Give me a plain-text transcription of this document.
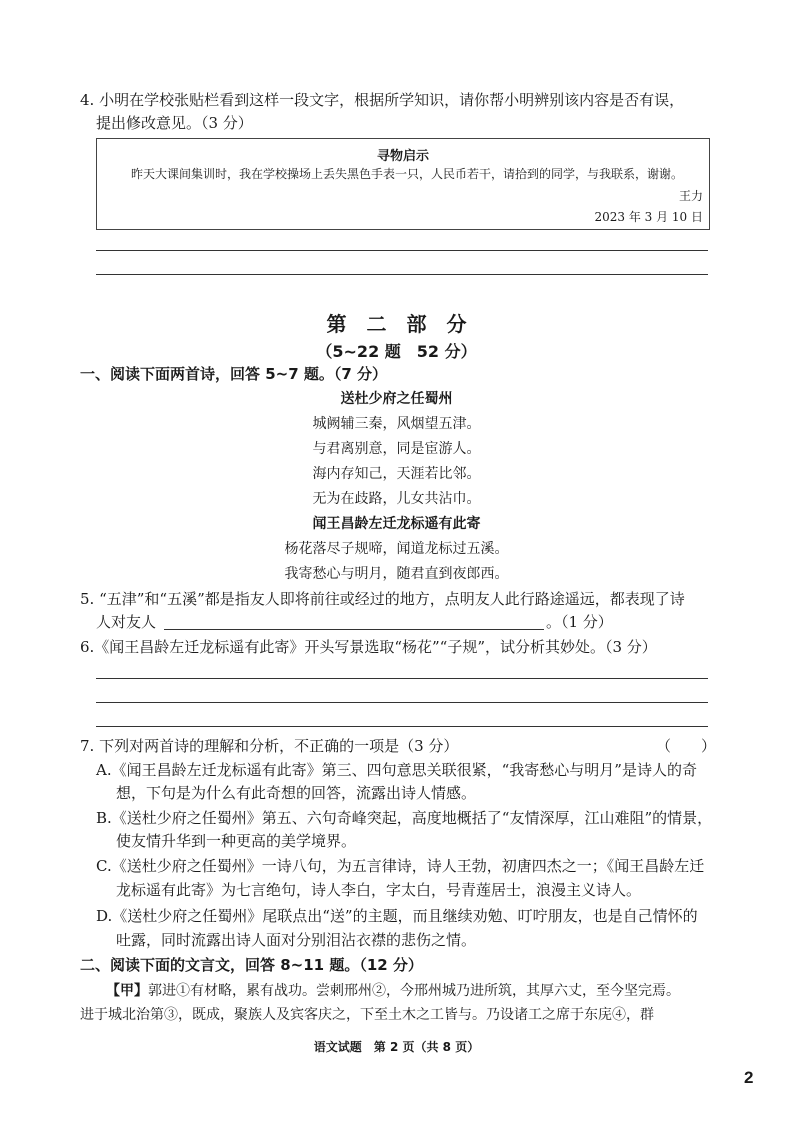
4. 小明在学校张贴栏看到这样一段文字，根据所学知识，请你帮小明辨别该内容是否有误，
提出修改意见。（3 分）
寻物启示
昨天大课间集训时，我在学校操场上丢失黑色手表一只，人民币若干，请拾到的同学，与我联系，谢谢。
王力
2023 年 3 月 10 日
第　二　部　分
（5~22 题　52 分）
一、阅读下面两首诗，回答 5~7 题。（7 分）
送杜少府之任蜀州
城阙辅三秦，风烟望五津。
与君离别意，同是宦游人。
海内存知己，天涯若比邻。
无为在歧路，儿女共沾巾。
闻王昌龄左迁龙标遥有此寄
杨花落尽子规啼，闻道龙标过五溪。
我寄愁心与明月，随君直到夜郎西。
5. “五津”和“五溪”都是指友人即将前往或经过的地方，点明友人此行路途遥远，都表现了诗
人对友人	。（1 分）
6.《闻王昌龄左迁龙标遥有此寄》开头写景选取“杨花”“子规”，试分析其妙处。（3 分）
7. 下列对两首诗的理解和分析，不正确的一项是（3 分）	（　　）
A.《闻王昌龄左迁龙标遥有此寄》第三、四句意思关联很紧，“我寄愁心与明月”是诗人的奇
想，下句是为什么有此奇想的回答，流露出诗人情感。
B.《送杜少府之任蜀州》第五、六句奇峰突起，高度地概括了“友情深厚，江山难阻”的情景，
使友情升华到一种更高的美学境界。
C.《送杜少府之任蜀州》一诗八句，为五言律诗，诗人王勃，初唐四杰之一；《闻王昌龄左迁
龙标遥有此寄》为七言绝句，诗人李白，字太白，号青莲居士，浪漫主义诗人。
D.《送杜少府之任蜀州》尾联点出“送”的主题，而且继续劝勉、叮咛朋友，也是自己情怀的
吐露，同时流露出诗人面对分别泪沾衣襟的悲伤之情。
二、阅读下面的文言文，回答 8~11 题。（12 分）
【甲】郭进①有材略，累有战功。尝刺邢州②，今邢州城乃进所筑，其厚六丈，至今坚完焉。
进于城北治第③，既成，聚族人及宾客庆之，下至土木之工皆与。乃设诸工之席于东庑④，群
语文试题　第 2 页（共 8 页）
2
